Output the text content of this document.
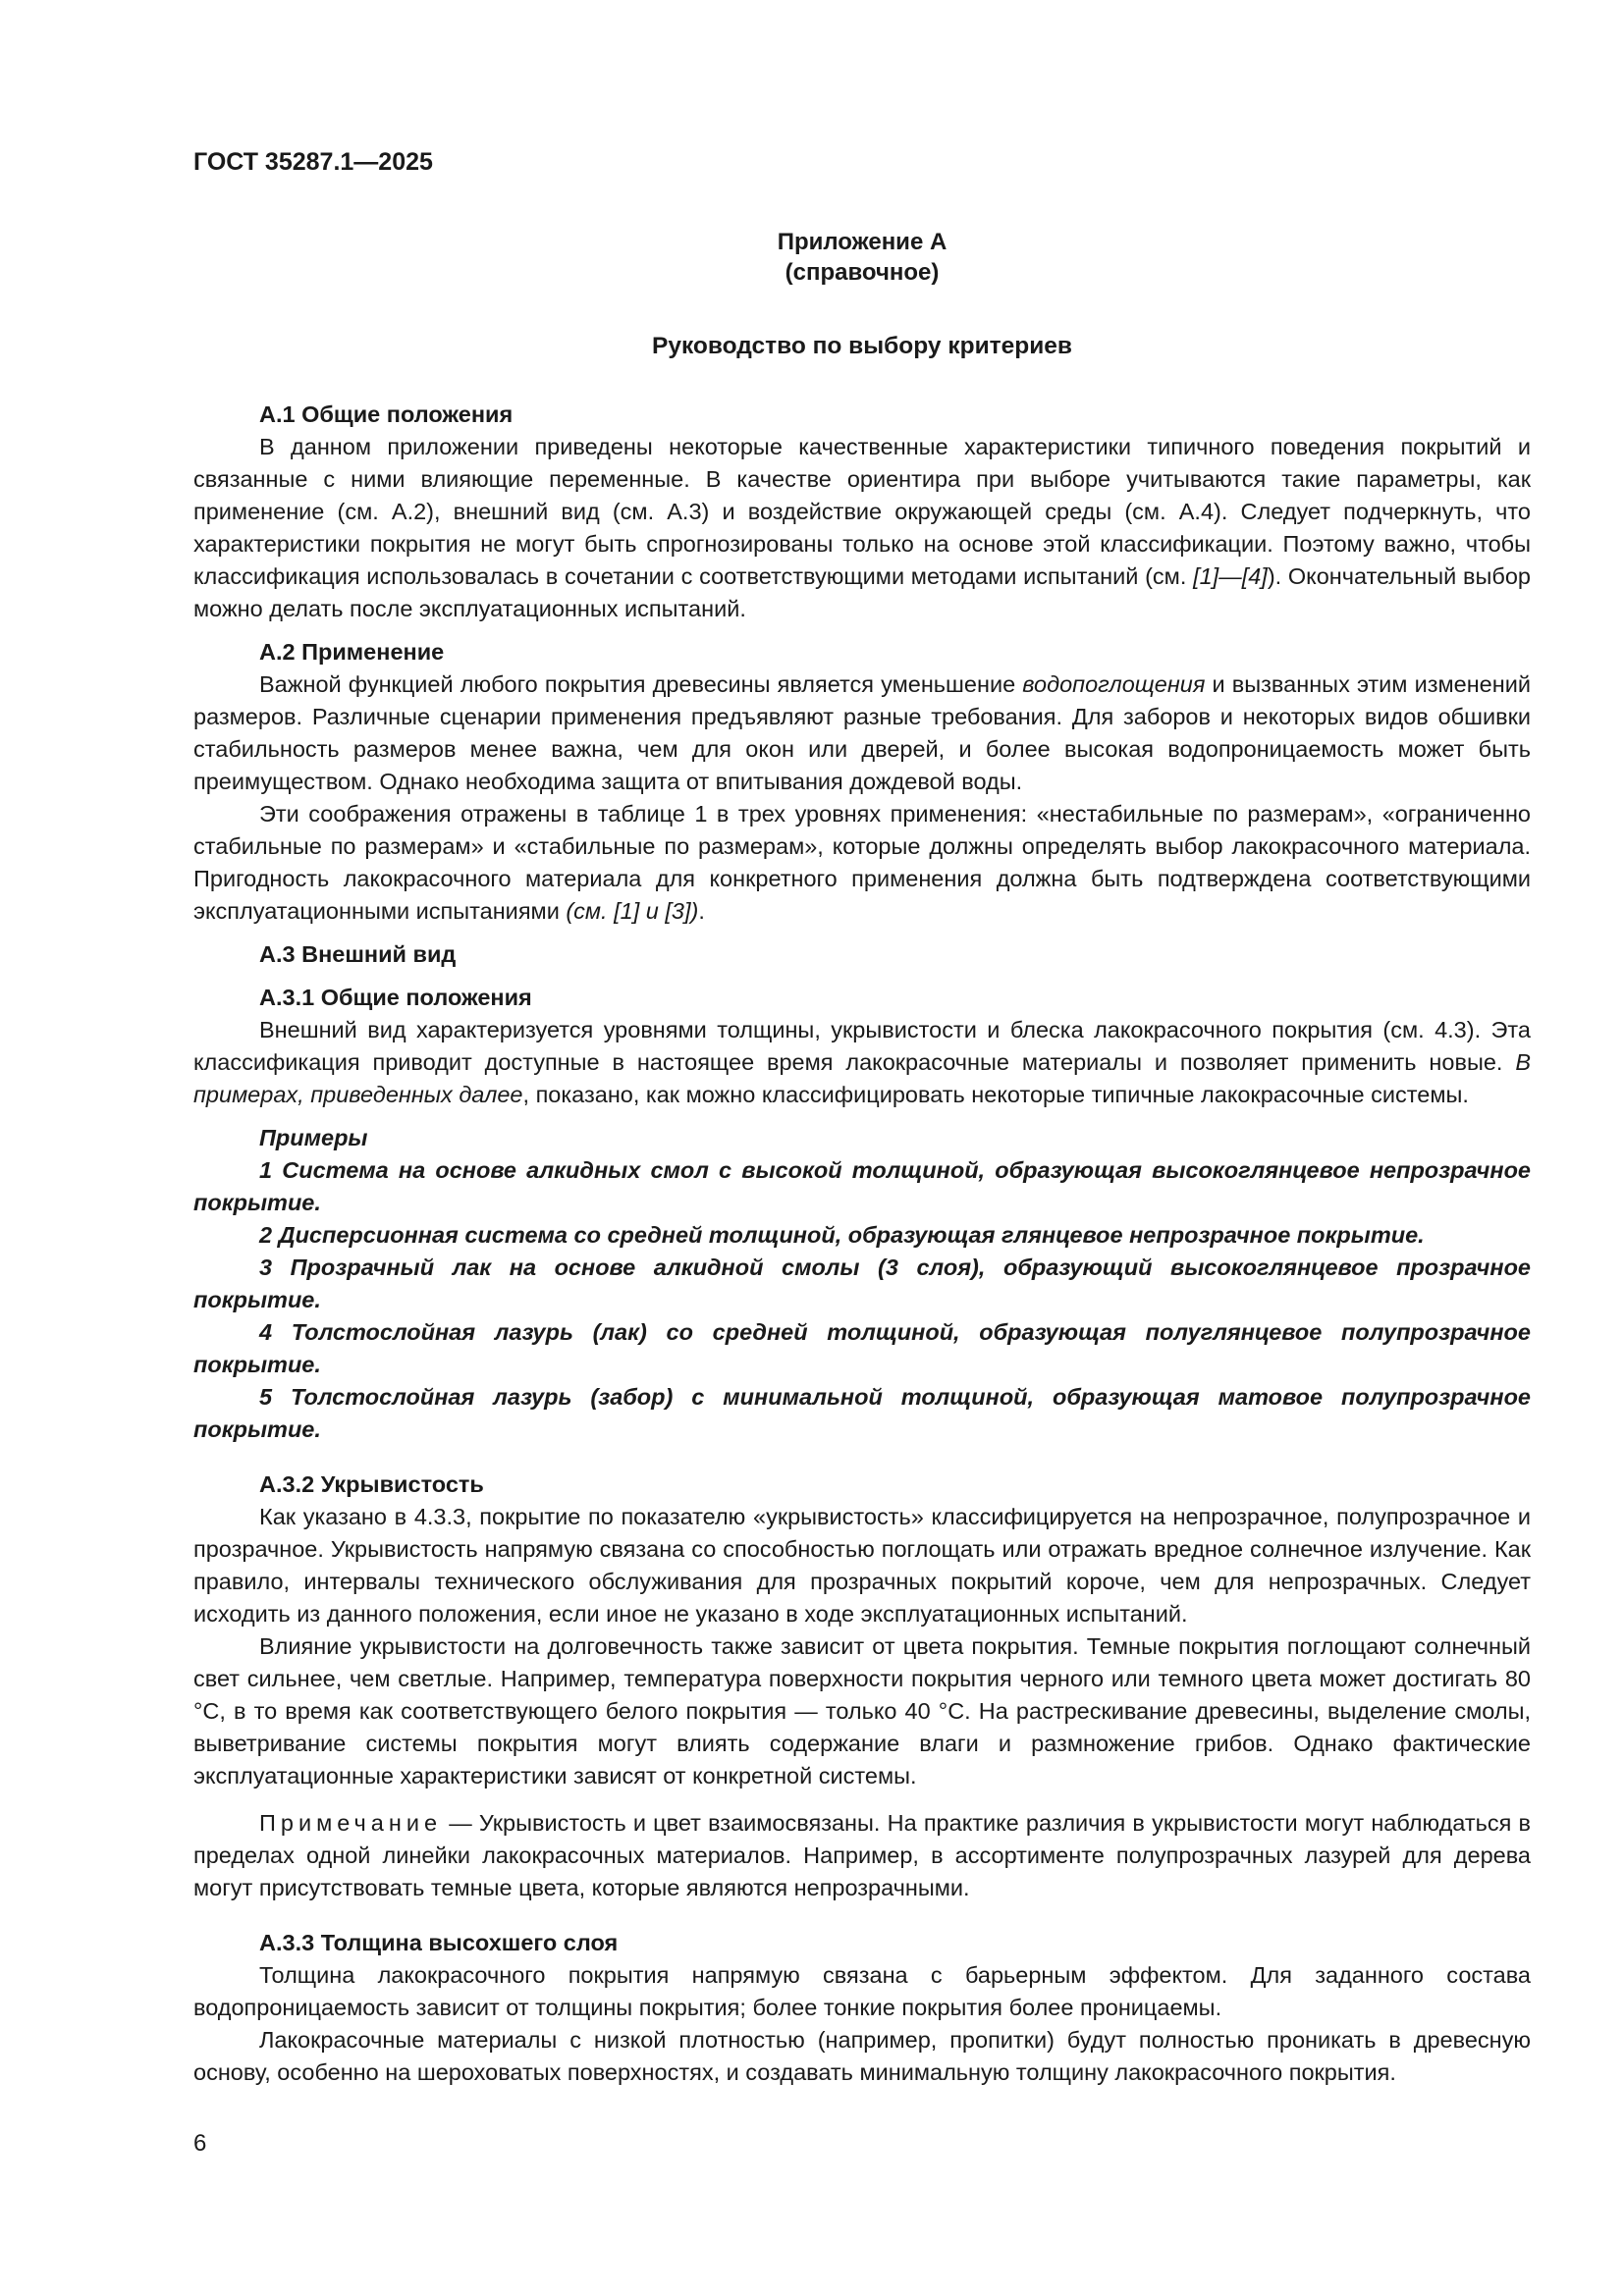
ГОСТ 35287.1—2025
Приложение А
(справочное)
Руководство по выбору критериев
А.1 Общие положения

В данном приложении приведены некоторые качественные характеристики типичного поведения покрытий и связанные с ними влияющие переменные. В качестве ориентира при выборе учитываются такие параметры, как применение (см. А.2), внешний вид (см. А.3) и воздействие окружающей среды (см. А.4). Следует подчеркнуть, что характеристики покрытия не могут быть спрогнозированы только на основе этой классификации. Поэтому важно, чтобы классификация использовалась в сочетании с соответствующими методами испытаний (см. [1]—[4]). Окончательный выбор можно делать после эксплуатационных испытаний.

А.2 Применение

Важной функцией любого покрытия древесины является уменьшение водопоглощения и вызванных этим изменений размеров. Различные сценарии применения предъявляют разные требования. Для заборов и некоторых видов обшивки стабильность размеров менее важна, чем для окон или дверей, и более высокая водопроницаемость может быть преимуществом. Однако необходима защита от впитывания дождевой воды.

Эти соображения отражены в таблице 1 в трех уровнях применения: «нестабильные по размерам», «ограниченно стабильные по размерам» и «стабильные по размерам», которые должны определять выбор лакокрасочного материала. Пригодность лакокрасочного материала для конкретного применения должна быть подтверждена соответствующими эксплуатационными испытаниями (см. [1] и [3]).

А.3 Внешний вид
А.3.1 Общие положения

Внешний вид характеризуется уровнями толщины, укрывистости и блеска лакокрасочного покрытия (см. 4.3). Эта классификация приводит доступные в настоящее время лакокрасочные материалы и позволяет применить новые. В примерах, приведенных далее, показано, как можно классифицировать некоторые типичные лакокрасочные системы.

Примеры

1 Система на основе алкидных смол с высокой толщиной, образующая высокоглянцевое непрозрачное покрытие.

2 Дисперсионная система со средней толщиной, образующая глянцевое непрозрачное покрытие.

3 Прозрачный лак на основе алкидной смолы (3 слоя), образующий высокоглянцевое прозрачное покрытие.

4 Толстослойная лазурь (лак) со средней толщиной, образующая полуглянцевое полупрозрачное покрытие.

5 Толстослойная лазурь (забор) с минимальной толщиной, образующая матовое полупрозрачное покрытие.

А.3.2 Укрывистость

Как указано в 4.3.3, покрытие по показателю «укрывистость» классифицируется на непрозрачное, полупрозрачное и прозрачное. Укрывистость напрямую связана со способностью поглощать или отражать вредное солнечное излучение. Как правило, интервалы технического обслуживания для прозрачных покрытий короче, чем для непрозрачных. Следует исходить из данного положения, если иное не указано в ходе эксплуатационных испытаний.

Влияние укрывистости на долговечность также зависит от цвета покрытия. Темные покрытия поглощают солнечный свет сильнее, чем светлые. Например, температура поверхности покрытия черного или темного цвета может достигать 80 °C, в то время как соответствующего белого покрытия — только 40 °C. На растрескивание древесины, выделение смолы, выветривание системы покрытия могут влиять содержание влаги и размножение грибов. Однако фактические эксплуатационные характеристики зависят от конкретной системы.

Примечание — Укрывистость и цвет взаимосвязаны. На практике различия в укрывистости могут наблюдаться в пределах одной линейки лакокрасочных материалов. Например, в ассортименте полупрозрачных лазурей для дерева могут присутствовать темные цвета, которые являются непрозрачными.

А.3.3 Толщина высохшего слоя

Толщина лакокрасочного покрытия напрямую связана с барьерным эффектом. Для заданного состава водопроницаемость зависит от толщины покрытия; более тонкие покрытия более проницаемы.

Лакокрасочные материалы с низкой плотностью (например, пропитки) будут полностью проникать в древесную основу, особенно на шероховатых поверхностях, и создавать минимальную толщину лакокрасочного покрытия.

6
